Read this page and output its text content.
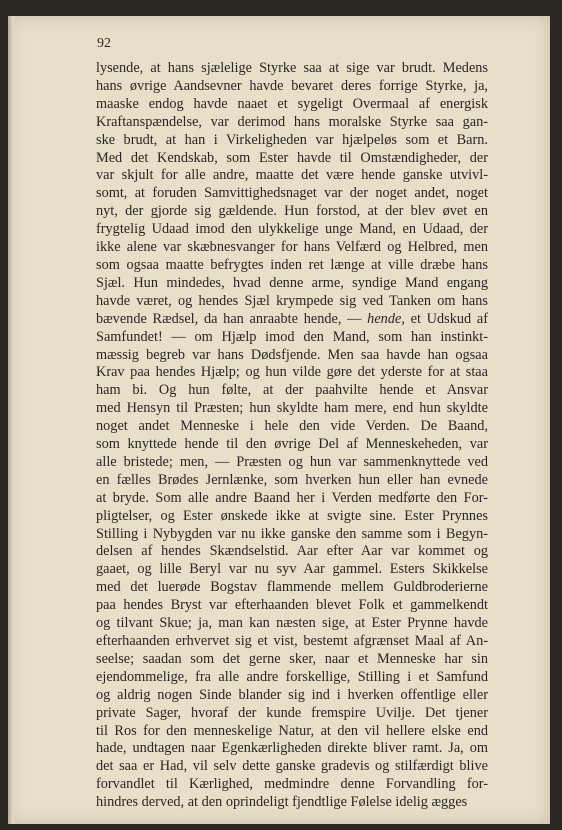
92
lysende, at hans sjælelige Styrke saa at sige var brudt. Medens
hans øvrige Aandsevner havde bevaret deres forrige Styrke, ja,
maaske endog havde naaet et sygeligt Overmaal af energisk
Kraftanspændelse, var derimod hans moralske Styrke saa gan-
ske brudt, at han i Virkeligheden var hjælpeløs som et Barn.
Med det Kendskab, som Ester havde til Omstændigheder, der
var skjult for alle andre, maatte det være hende ganske utvivl-
somt, at foruden Samvittighedsnaget var der noget andet, noget
nyt, der gjorde sig gældende. Hun forstod, at der blev øvet en
frygtelig Udaad imod den ulykkelige unge Mand, en Udaad, der
ikke alene var skæbnesvanger for hans Velfærd og Helbred, men
som ogsaa maatte befrygtes inden ret længe at ville dræbe hans
Sjæl. Hun mindedes, hvad denne arme, syndige Mand engang
havde været, og hendes Sjæl krympede sig ved Tanken om hans
bævende Rædsel, da han anraabte hende, — hende, et Udskud af
Samfundet! — om Hjælp imod den Mand, som han instinkt-
mæssig begreb var hans Dødsfjende. Men saa havde han ogsaa
Krav paa hendes Hjælp; og hun vilde gøre det yderste for at staa
ham bi. Og hun følte, at der paahvilte hende et Ansvar
med Hensyn til Præsten; hun skyldte ham mere, end hun skyldte
noget andet Menneske i hele den vide Verden. De Baand,
som knyttede hende til den øvrige Del af Menneskeheden, var
alle bristede; men, — Præsten og hun var sammenknyttede ved
en fælles Brødes Jernlænke, som hverken hun eller han evnede
at bryde. Som alle andre Baand her i Verden medførte den For-
pligtelser, og Ester ønskede ikke at svigte sine. Ester Prynnes
Stilling i Nybygden var nu ikke ganske den samme som i Begyn-
delsen af hendes Skændselstid. Aar efter Aar var kommet og
gaaet, og lille Beryl var nu syv Aar gammel. Esters Skikkelse
med det luerøde Bogstav flammende mellem Guldbroderierne
paa hendes Bryst var efterhaanden blevet Folk et gammelkendt
og tilvant Skue; ja, man kan næsten sige, at Ester Prynne havde
efterhaanden erhvervet sig et vist, bestemt afgrænset Maal af An-
seelse; saadan som det gerne sker, naar et Menneske har sin
ejendommelige, fra alle andre forskellige, Stilling i et Samfund
og aldrig nogen Sinde blander sig ind i hverken offentlige eller
private Sager, hvoraf der kunde fremspire Uvilje. Det tjener
til Ros for den menneskelige Natur, at den vil hellere elske end
hade, undtagen naar Egenkærligheden direkte bliver ramt. Ja, om
det saa er Had, vil selv dette ganske gradevis og stilfærdigt blive
forvandlet til Kærlighed, medmindre denne Forvandling for-
hindres derved, at den oprindeligt fjendtlige Følelse idelig ægges
